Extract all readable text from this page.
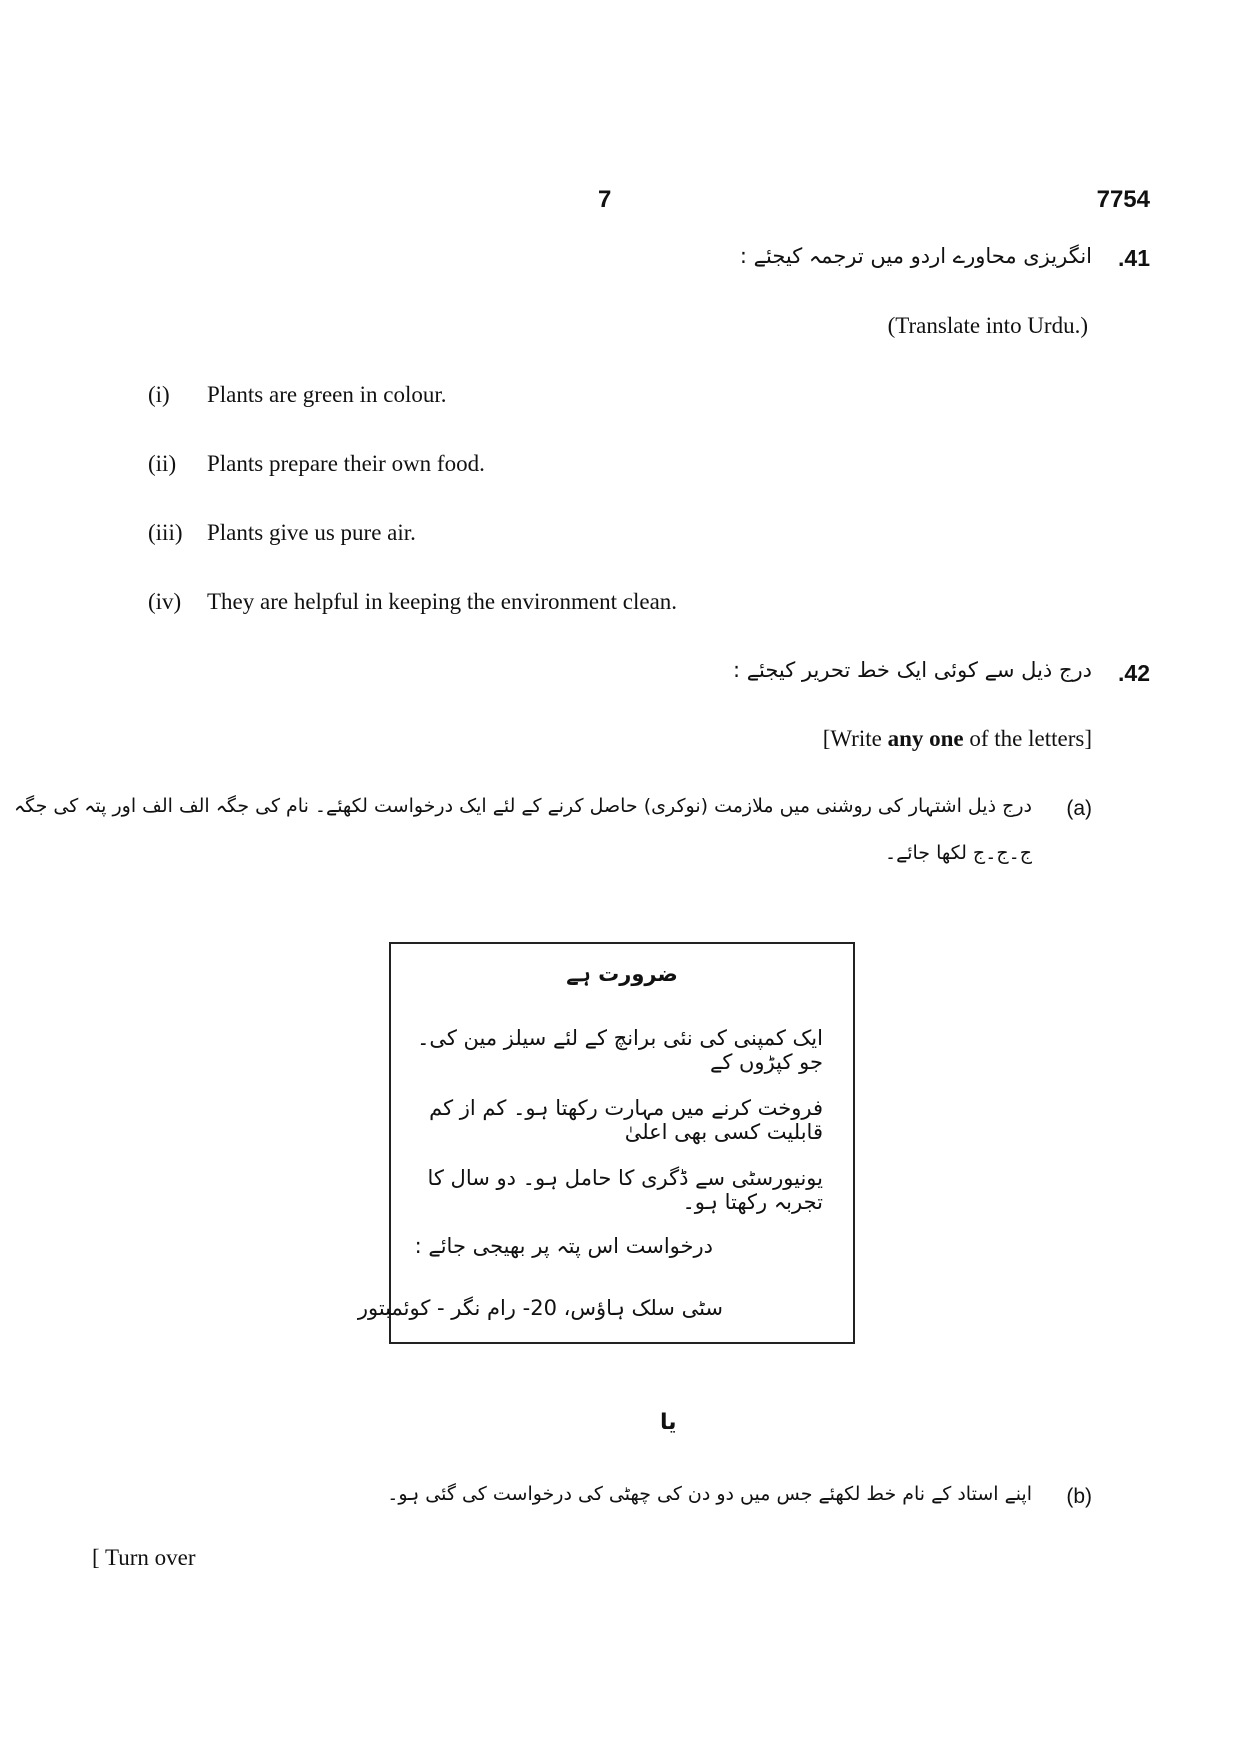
7	7754
.41
انگریزی محاورے اردو میں ترجمہ کیجئے :
(Translate into Urdu.)
(i) Plants are green in colour.
(ii) Plants prepare their own food.
(iii) Plants give us pure air.
(iv) They are helpful in keeping the environment clean.
.42
درج ذیل سے کوئی ایک خط تحریر کیجئے :
[Write any one of the letters]
(a)
درج ذیل اشتہار کی روشنی میں ملازمت (نوکری) حاصل کرنے کے لئے ایک درخواست لکھئے۔ نام کی جگہ الف الف اور پتہ کی جگہ
ج۔ج۔ج لکھا جائے۔
ضرورت ہے
ایک کمپنی کی نئی برانچ کے لئے سیلز مین کی۔ جو کپڑوں کے
فروخت کرنے میں مہارت رکھتا ہو۔ کم از کم قابلیت کسی بھی اعلیٰ
یونیورسٹی سے ڈگری کا حامل ہو۔ دو سال کا تجربہ رکھتا ہو۔
درخواست اس پتہ پر بھیجی جائے :
سٹی سلک ہاؤس، 20- رام نگر - کوئمبتور
یا
(b)
اپنے استاد کے نام خط لکھئے جس میں دو دن کی چھٹی کی درخواست کی گئی ہو۔
[ Turn over
